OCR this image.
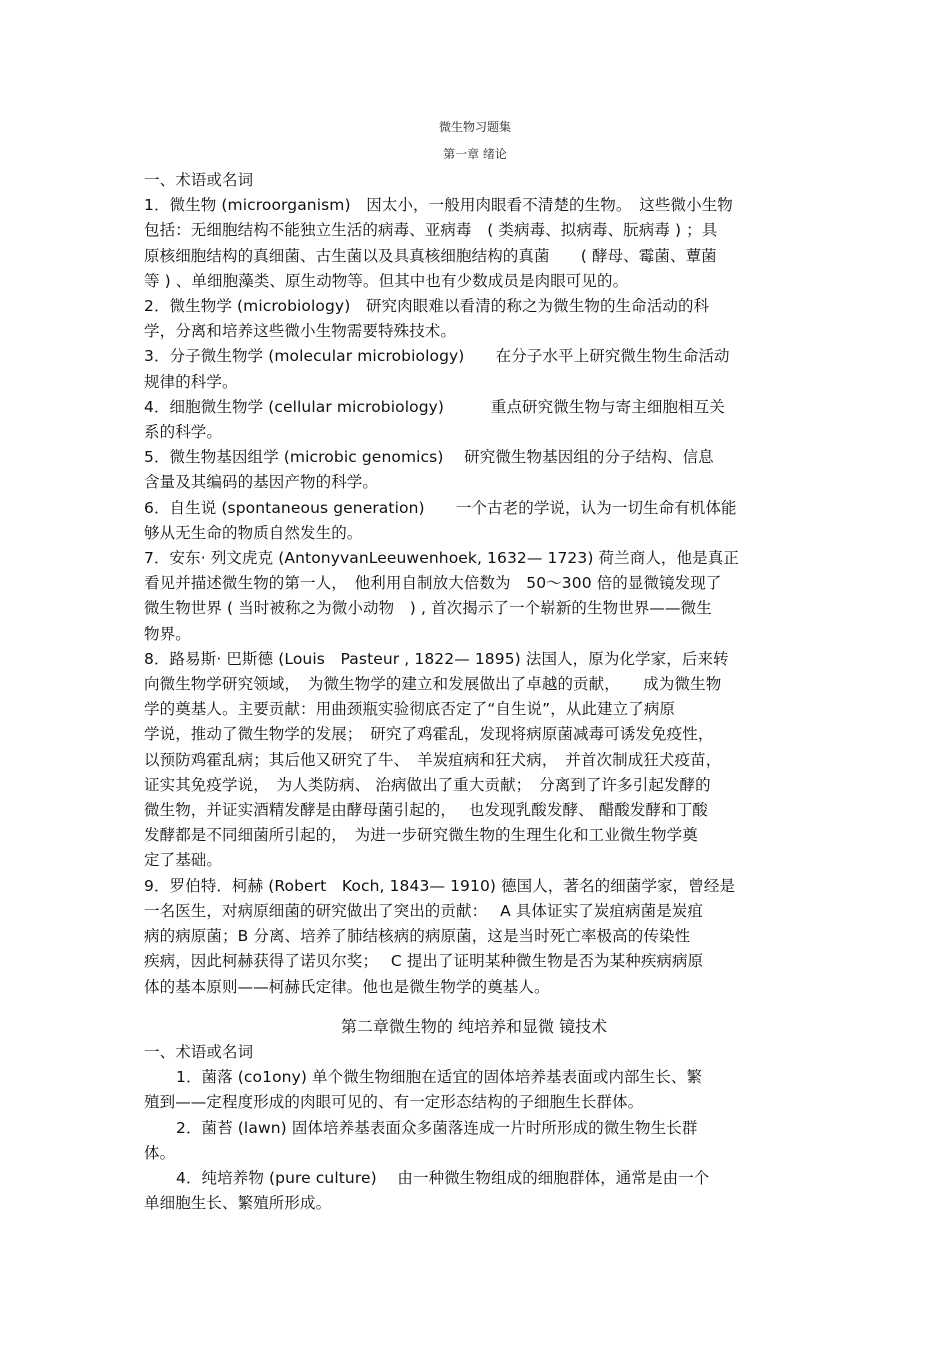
微生物习题集
第一章 绪论
一、术语或名词
1．微生物 (microorganism)　因太小，一般用肉眼看不清楚的生物。　这些微小生物
包括：无细胞结构不能独立生活的病毒、亚病毒　( 类病毒、拟病毒、朊病毒 ) ；具
原核细胞结构的真细菌、古生菌以及具真核细胞结构的真菌　　( 酵母、霉菌、蕈菌
等 ) 、单细胞藻类、原生动物等。但其中也有少数成员是肉眼可见的。
2．微生物学 (microbiology)　研究肉眼难以看清的称之为微生物的生命活动的科
学，分离和培养这些微小生物需要特殊技术。
3．分子微生物学 (molecular microbiology)　　在分子水平上研究微生物生命活动
规律的科学。
4．细胞微生物学 (cellular microbiology)　　　重点研究微生物与寄主细胞相互关
系的科学。
5．微生物基因组学 (microbic genomics)　 研究微生物基因组的分子结构、信息
含量及其编码的基因产物的科学。
6．自生说 (spontaneous generation)　　一个古老的学说，认为一切生命有机体能
够从无生命的物质自然发生的。
7．安东· 列文虎克 (AntonyvanLeeuwenhoek, 1632— 1723) 荷兰商人，他是真正
看见并描述微生物的第一人，　他利用自制放大倍数为　50～300 倍的显微镜发现了
微生物世界 ( 当时被称之为微小动物　) , 首次揭示了一个崭新的生物世界——微生
物界。
8．路易斯· 巴斯德 (Louis　Pasteur , 1822— 1895) 法国人，原为化学家，后来转
向微生物学研究领域，　为微生物学的建立和发展做出了卓越的贡献，　　成为微生物
学的奠基人。主要贡献：用曲颈瓶实验彻底否定了“自生说”，从此建立了病原
学说，推动了微生物学的发展；　研究了鸡霍乱，发现将病原菌减毒可诱发免疫性，
以预防鸡霍乱病；其后他又研究了牛、　羊炭疽病和狂犬病，　并首次制成狂犬疫苗，
证实其免疫学说，　为人类防病、 治病做出了重大贡献；　分离到了许多引起发酵的
微生物，并证实酒精发酵是由酵母菌引起的，　 也发现乳酸发酵、 醋酸发酵和丁酸
发酵都是不同细菌所引起的，　为进一步研究微生物的生理生化和工业微生物学奠
定了基础。
9．罗伯特．柯赫 (Robert　Koch, 1843— 1910) 德国人，著名的细菌学家，曾经是
一名医生，对病原细菌的研究做出了突出的贡献：　 A 具体证实了炭疽病菌是炭疽
病的病原菌；B 分离、培养了肺结核病的病原菌，这是当时死亡率极高的传染性
疾病，因此柯赫获得了诺贝尔奖；　 C 提出了证明某种微生物是否为某种疾病病原
体的基本原则——柯赫氏定律。他也是微生物学的奠基人。
第二章微生物的 纯培养和显微 镜技术
一、术语或名词
1．菌落 (co1ony) 单个微生物细胞在适宜的固体培养基表面或内部生长、繁
殖到——定程度形成的肉眼可见的、有一定形态结构的子细胞生长群体。
2．菌苔 (lawn) 固体培养基表面众多菌落连成一片时所形成的微生物生长群
体。
4．纯培养物 (pure culture)　 由一种微生物组成的细胞群体，通常是由一个
单细胞生长、繁殖所形成。
